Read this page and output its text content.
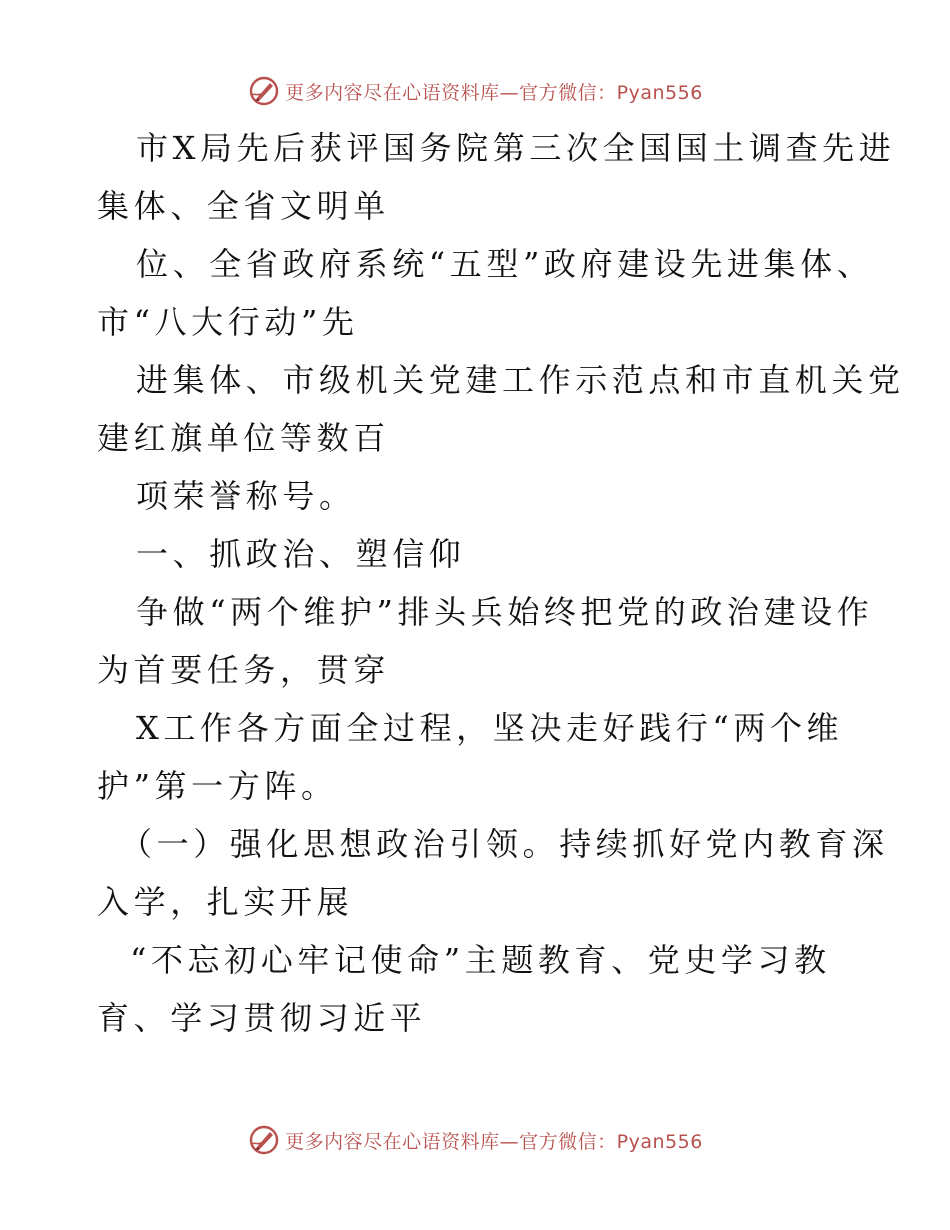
更多内容尽在心语资料库—官方微信：Pyan556
市X局先后获评国务院第三次全国国土调查先进
集体、全省文明单
位、全省政府系统“五型”政府建设先进集体、
市“八大行动”先
进集体、市级机关党建工作示范点和市直机关党
建红旗单位等数百
项荣誉称号。
一、抓政治、塑信仰
争做“两个维护”排头兵始终把党的政治建设作
为首要任务，贯穿
X工作各方面全过程，坚决走好践行“两个维
护”第一方阵。
（一）强化思想政治引领。持续抓好党内教育深
入学，扎实开展
“不忘初心牢记使命”主题教育、党史学习教
育、学习贯彻习近平
更多内容尽在心语资料库—官方微信：Pyan556
